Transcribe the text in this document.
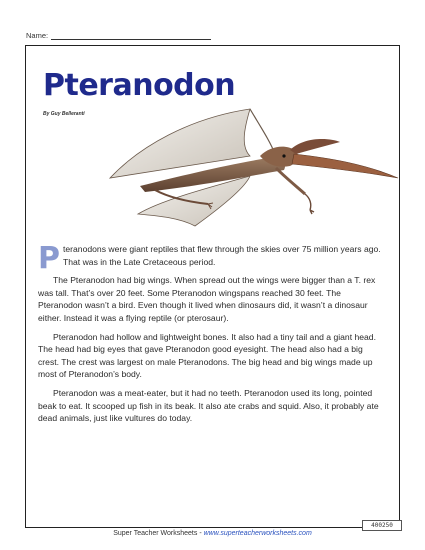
Name:
Pteranodon
By Guy Belleranti

Pteranodons were giant reptiles that flew through the skies over 75 million years ago. That was in the Late Cretaceous period.

The Pteranodon had big wings. When spread out the wings were bigger than a T. rex was tall. That’s over 20 feet. Some Pteranodon wingspans reached 30 feet. The Pteranodon wasn’t a bird. Even though it lived when dinosaurs did, it wasn’t a dinosaur either. Instead it was a flying reptile (or pterosaur).

Pteranodon had hollow and lightweight bones. It also had a tiny tail and a giant head. The head had big eyes that gave Pteranodon good eyesight. The head also had a big crest. The crest was largest on male Pteranodons. The big head and big wings made up most of Pteranodon’s body.

Pteranodon was a meat-eater, but it had no teeth. Pteranodon used its long, pointed beak to eat. It scooped up fish in its beak. It also ate crabs and squid. Also, it probably ate dead animals, just like vultures do today.

400250
Super Teacher Worksheets - www.superteacherworksheets.com
